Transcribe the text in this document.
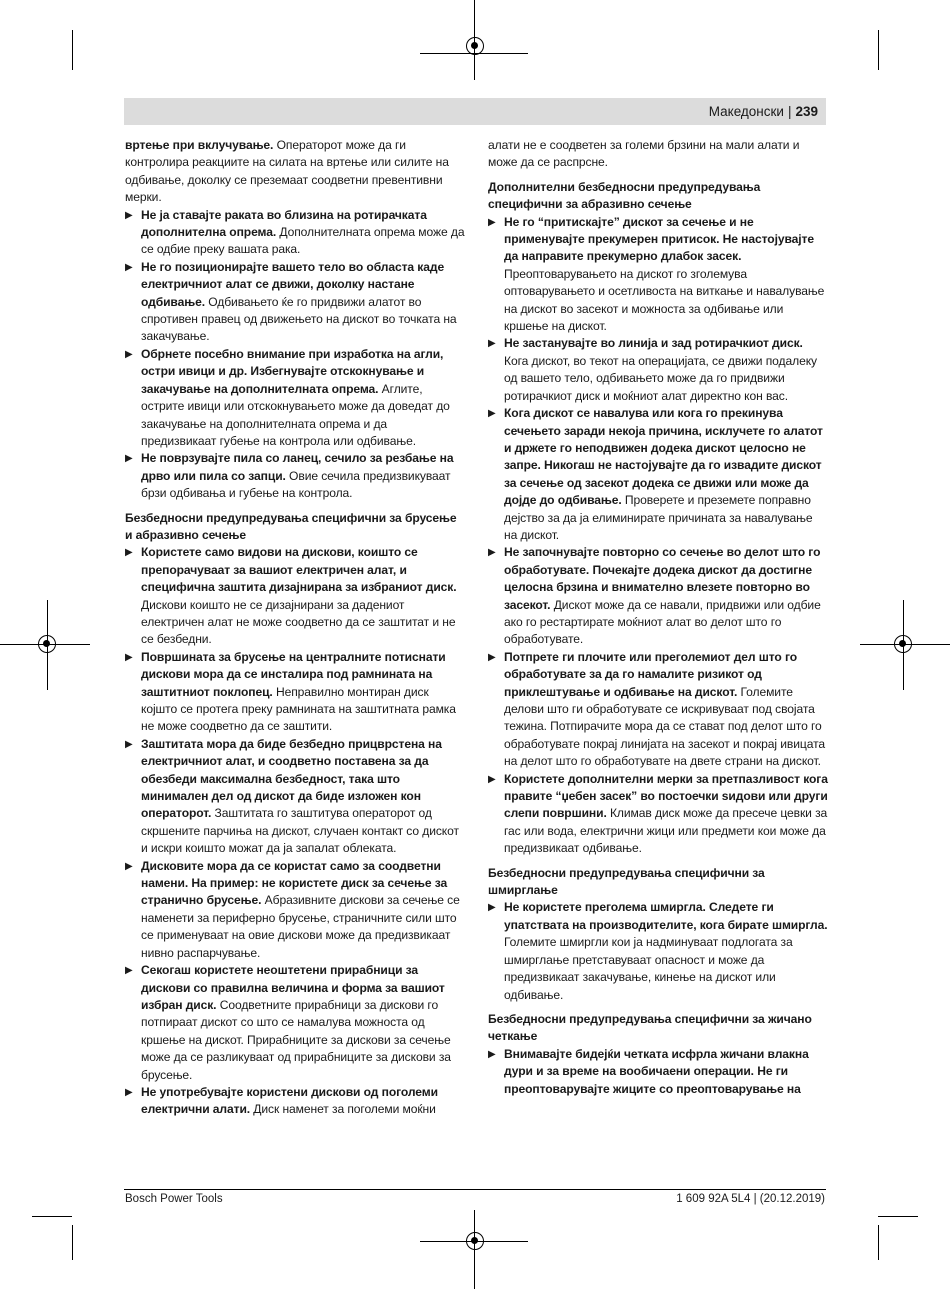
Македонски | 239

вртење при вклучување. Операторот може да ги контролира реакциите на силата на вртење или силите на одбивање, доколку се преземаат соодветни превентивни мерки.

▶ Не ја ставајте раката во близина на ротирачката дополнителна опрема. Дополнителната опрема може да се одбие преку вашата рака.

▶ Не го позиционирајте вашето тело во областа каде електричниот алат се движи, доколку настане одбивање. Одбивањето ќе го придвижи алатот во спротивен правец од движењето на дискот во точката на закачување.

▶ Обрнете посебно внимание при изработка на агли, остри ивици и др. Избегнувајте отскокнување и закачување на дополнителната опрема. Аглите, острите ивици или отскокнувањето може да доведат до закачување на дополнителната опрема и да предизвикаат губење на контрола или одбивање.

▶ Не поврзувајте пила со ланец, сечило за резбање на дрво или пила со запци. Овие сечила предизвикуваат брзи одбивања и губење на контрола.

Безбедносни предупредувања специфични за брусење и абразивно сечење

▶ Користете само видови на дискови, коишто се препорачуваат за вашиот електричен алат, и специфична заштита дизајнирана за избраниот диск. Дискови коишто не се дизајнирани за дадениот електричен алат не може соодветно да се заштитат и не се безбедни.

▶ Површината за брусење на централните потиснати дискови мора да се инсталира под рамнината на заштитниот поклопец. Неправилно монтиран диск којшто се протега преку рамнината на заштитната рамка не може соодветно да се заштити.

▶ Заштитата мора да биде безбедно прицврстена на електричниот алат, и соодветно поставена за да обезбеди максимална безбедност, така што минимален дел од дискот да биде изложен кон операторот. Заштитата го заштитува операторот од скршените парчиња на дискот, случаен контакт со дискот и искри коишто можат да ја запалат облеката.

▶ Дисковите мора да се користат само за соодветни намени. На пример: не користете диск за сечење за странично брусење. Абразивните дискови за сечење се наменети за периферно брусење, страничните сили што се применуваат на овие дискови може да предизвикаат нивно распарчување.

▶ Секогаш користете неоштетени прирабници за дискови со правилна величина и форма за вашиот избран диск. Соодветните прирабници за дискови го потпираат дискот со што се намалува можноста од кршење на дискот. Прирабниците за дискови за сечење може да се разликуваат од прирабниците за дискови за брусење.

▶ Не употребувајте користени дискови од поголеми електрични алати. Диск наменет за поголеми моќни

алати не е соодветен за големи брзини на мали алати и може да се распрсне.

Дополнителни безбедносни предупредувања специфични за абразивно сечење

▶ Не го “притискајте” дискот за сечење и не применувајте прекумерен притисок. Не настојувајте да направите прекумерно длабок засек. Преоптоварувањето на дискот го зголемува оптоварувањето и осетливоста на виткање и навалување на дискот во засекот и можноста за одбивање или кршење на дискот.

▶ Не застанувајте во линија и зад ротирачкиот диск. Кога дискот, во текот на операцијата, се движи подалеку од вашето тело, одбивањето може да го придвижи ротирачкиот диск и моќниот алат директно кон вас.

▶ Кога дискот се навалува или кога го прекинува сечењето заради некоја причина, исклучете го алатот и држете го неподвижен додека дискот целосно не запре. Никогаш не настојувајте да го извадите дискот за сечење од засекот додека се движи или може да дојде до одбивање. Проверете и преземете поправно дејство за да ја елиминирате причината за навалување на дискот.

▶ Не започнувајте повторно со сечење во делот што го обработувате. Почекајте додека дискот да достигне целосна брзина и внимателно влезете повторно во засекот. Дискот може да се навали, придвижи или одбие ако го рестартирате моќниот алат во делот што го обработувате.

▶ Потпрете ги плочите или преголемиот дел што го обработувате за да го намалите ризикот од приклештување и одбивање на дискот. Големите делови што ги обработувате се искривуваат под својата тежина. Потпирачите мора да се стават под делот што го обработувате покрај линијата на засекот и покрај ивицата на делот што го обработувате на двете страни на дискот.

▶ Користете дополнителни мерки за претпазливост кога правите “џебен засек” во постоечки ѕидови или други слепи површини. Климав диск може да пресече цевки за гас или вода, електрични жици или предмети кои може да предизвикаат одбивање.

Безбедносни предупредувања специфични за шмирглање

▶ Не користете преголема шмиргла. Следете ги упатствата на производителите, кога бирате шмиргла. Големите шмиргли кои ја надминуваат подлогата за шмирглање претставуваат опасност и може да предизвикаат закачување, кинење на дискот или одбивање.

Безбедносни предупредувања специфични за жичано четкање

▶ Внимавајте бидејќи четката исфрла жичани влакна дури и за време на вообичаени операции. Не ги преоптоварувајте жиците со преоптоварување на

Bosch Power Tools	1 609 92A 5L4 | (20.12.2019)
